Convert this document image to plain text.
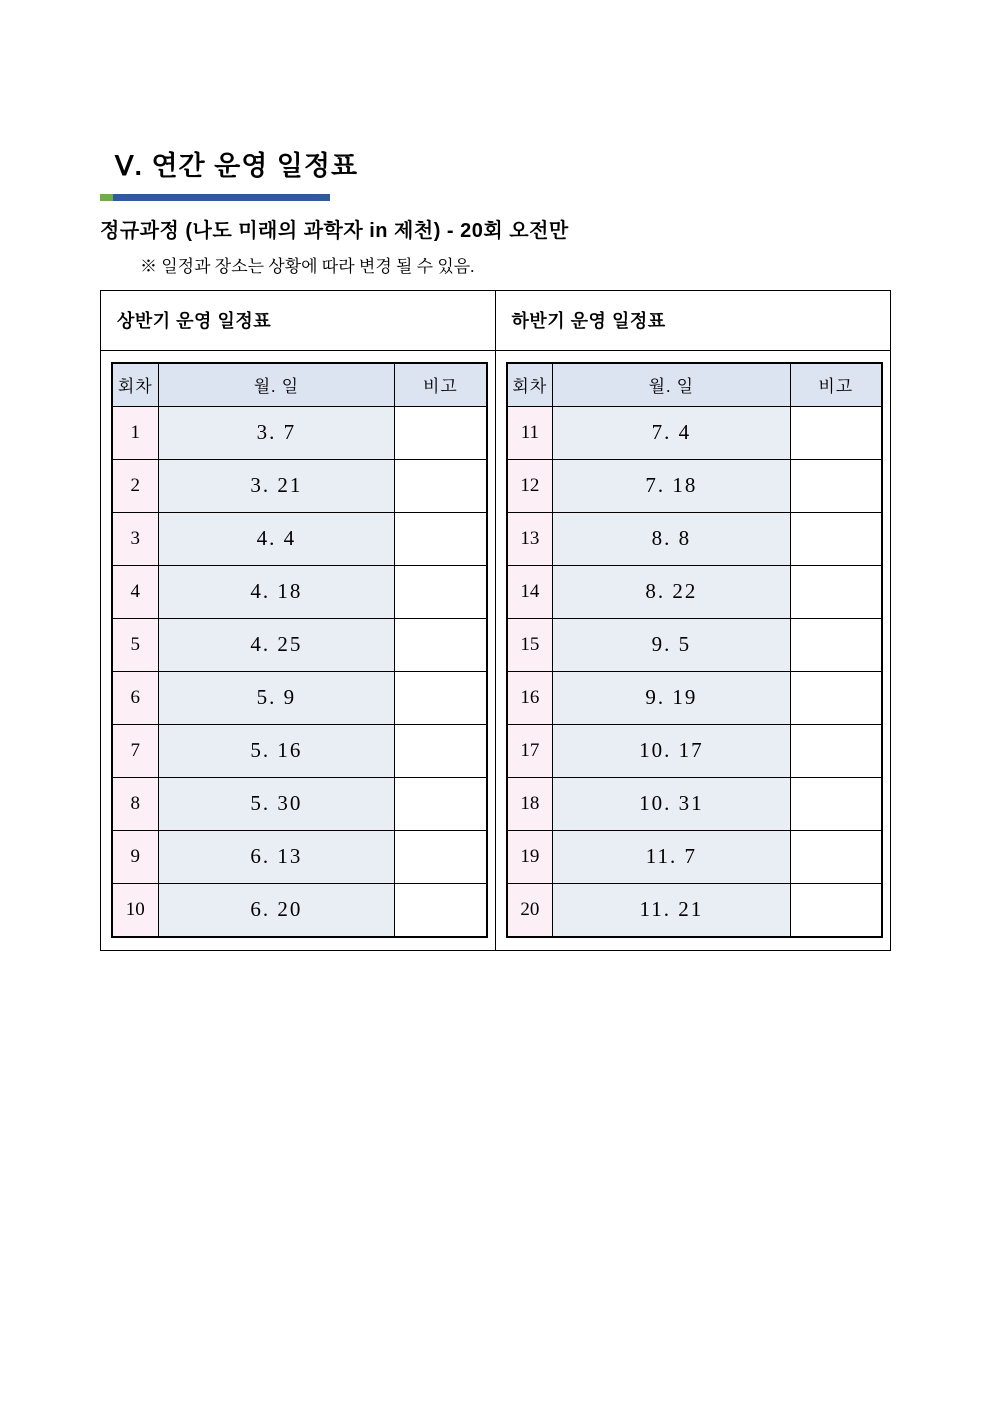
Ⅴ. 연간 운영 일정표
정규과정 (나도 미래의 과학자 in 제천) - 20회 오전만
※ 일정과 장소는 상황에 따라 변경 될 수 있음.
상반기 운영 일정표
회차	월. 일	비고
1	3. 7	
2	3. 21	
3	4. 4	
4	4. 18	
5	4. 25	
6	5. 9	
7	5. 16	
8	5. 30	
9	6. 13	
10	6. 20	
하반기 운영 일정표
회차	월. 일	비고
11	7. 4	
12	7. 18	
13	8. 8	
14	8. 22	
15	9. 5	
16	9. 19	
17	10. 17	
18	10. 31	
19	11. 7	
20	11. 21	
